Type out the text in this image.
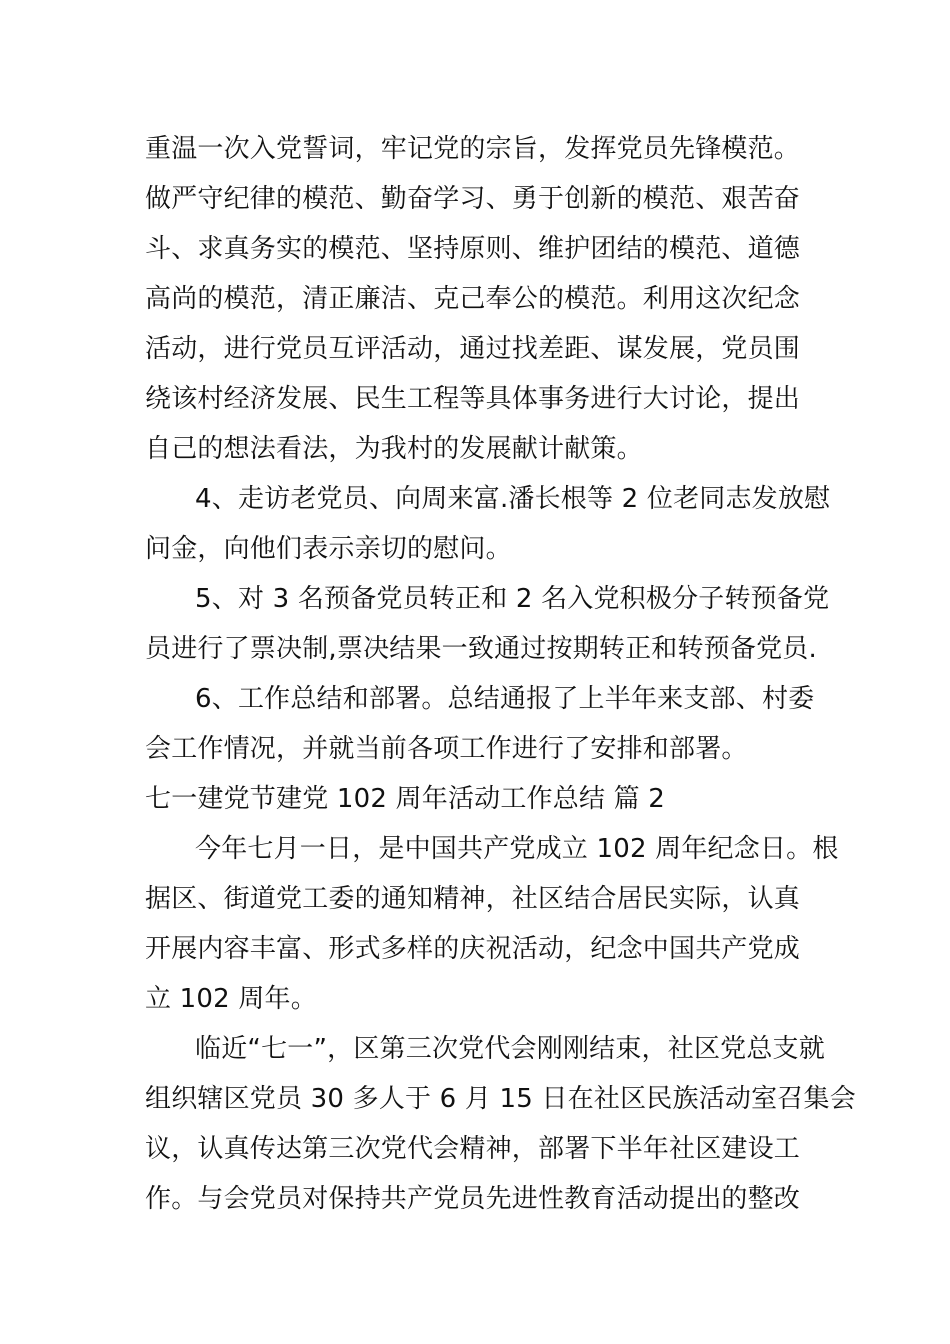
重温一次入党誓词，牢记党的宗旨，发挥党员先锋模范。
做严守纪律的模范、勤奋学习、勇于创新的模范、艰苦奋
斗、求真务实的模范、坚持原则、维护团结的模范、道德
高尚的模范，清正廉洁、克己奉公的模范。利用这次纪念
活动，进行党员互评活动，通过找差距、谋发展，党员围
绕该村经济发展、民生工程等具体事务进行大讨论，提出
自己的想法看法，为我村的发展献计献策。
4、走访老党员、向周来富.潘长根等 2 位老同志发放慰
问金，向他们表示亲切的慰问。
5、对 3 名预备党员转正和 2 名入党积极分子转预备党
员进行了票决制,票决结果一致通过按期转正和转预备党员.
6、工作总结和部署。总结通报了上半年来支部、村委
会工作情况，并就当前各项工作进行了安排和部署。
七一建党节建党 102 周年活动工作总结 篇 2
今年七月一日，是中国共产党成立 102 周年纪念日。根
据区、街道党工委的通知精神，社区结合居民实际，认真
开展内容丰富、形式多样的庆祝活动，纪念中国共产党成
立 102 周年。
临近“七一”，区第三次党代会刚刚结束，社区党总支就
组织辖区党员 30 多人于 6 月 15 日在社区民族活动室召集会
议，认真传达第三次党代会精神，部署下半年社区建设工
作。与会党员对保持共产党员先进性教育活动提出的整改
